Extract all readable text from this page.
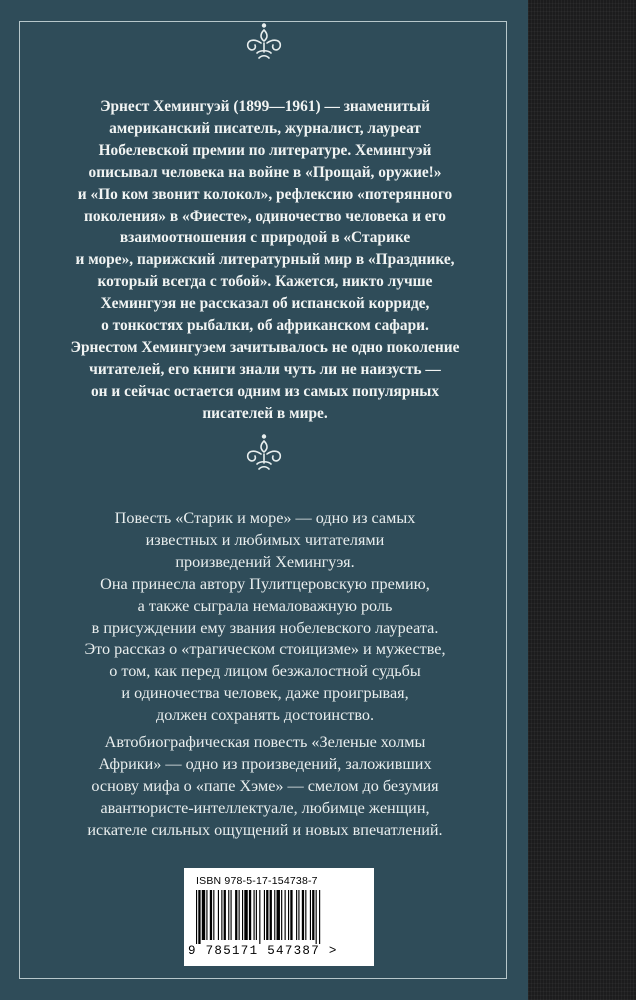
Эрнест Хемингуэй (1899—1961) — знаменитый
американский писатель, журналист, лауреат
Нобелевской премии по литературе. Хемингуэй
описывал человека на войне в «Прощай, оружие!»
и «По ком звонит колокол», рефлексию «потерянного
поколения» в «Фиесте», одиночество человека и его
взаимоотношения с природой в «Старике
и море», парижский литературный мир в «Празднике,
который всегда с тобой». Кажется, никто лучше
Хемингуэя не рассказал об испанской корриде,
о тонкостях рыбалки, об африканском сафари.
Эрнестом Хемингуэем зачитывалось не одно поколение
читателей, его книги знали чуть ли не наизусть —
он и сейчас остается одним из самых популярных
писателей в мире.
Повесть «Старик и море» — одно из самых
известных и любимых читателями
произведений Хемингуэя.
Она принесла автору Пулитцеровскую премию,
а также сыграла немаловажную роль
в присуждении ему звания нобелевского лауреата.
Это рассказ о «трагическом стоицизме» и мужестве,
о том, как перед лицом безжалостной судьбы
и одиночества человек, даже проигрывая,
должен сохранять достоинство.
Автобиографическая повесть «Зеленые холмы
Африки» — одно из произведений, заложивших
основу мифа о «папе Хэме» — смелом до безумия
авантюристе-интеллектуале, любимце женщин,
искателе сильных ощущений и новых впечатлений.
ISBN 978-5-17-154738-7
9 785171 547387 >
